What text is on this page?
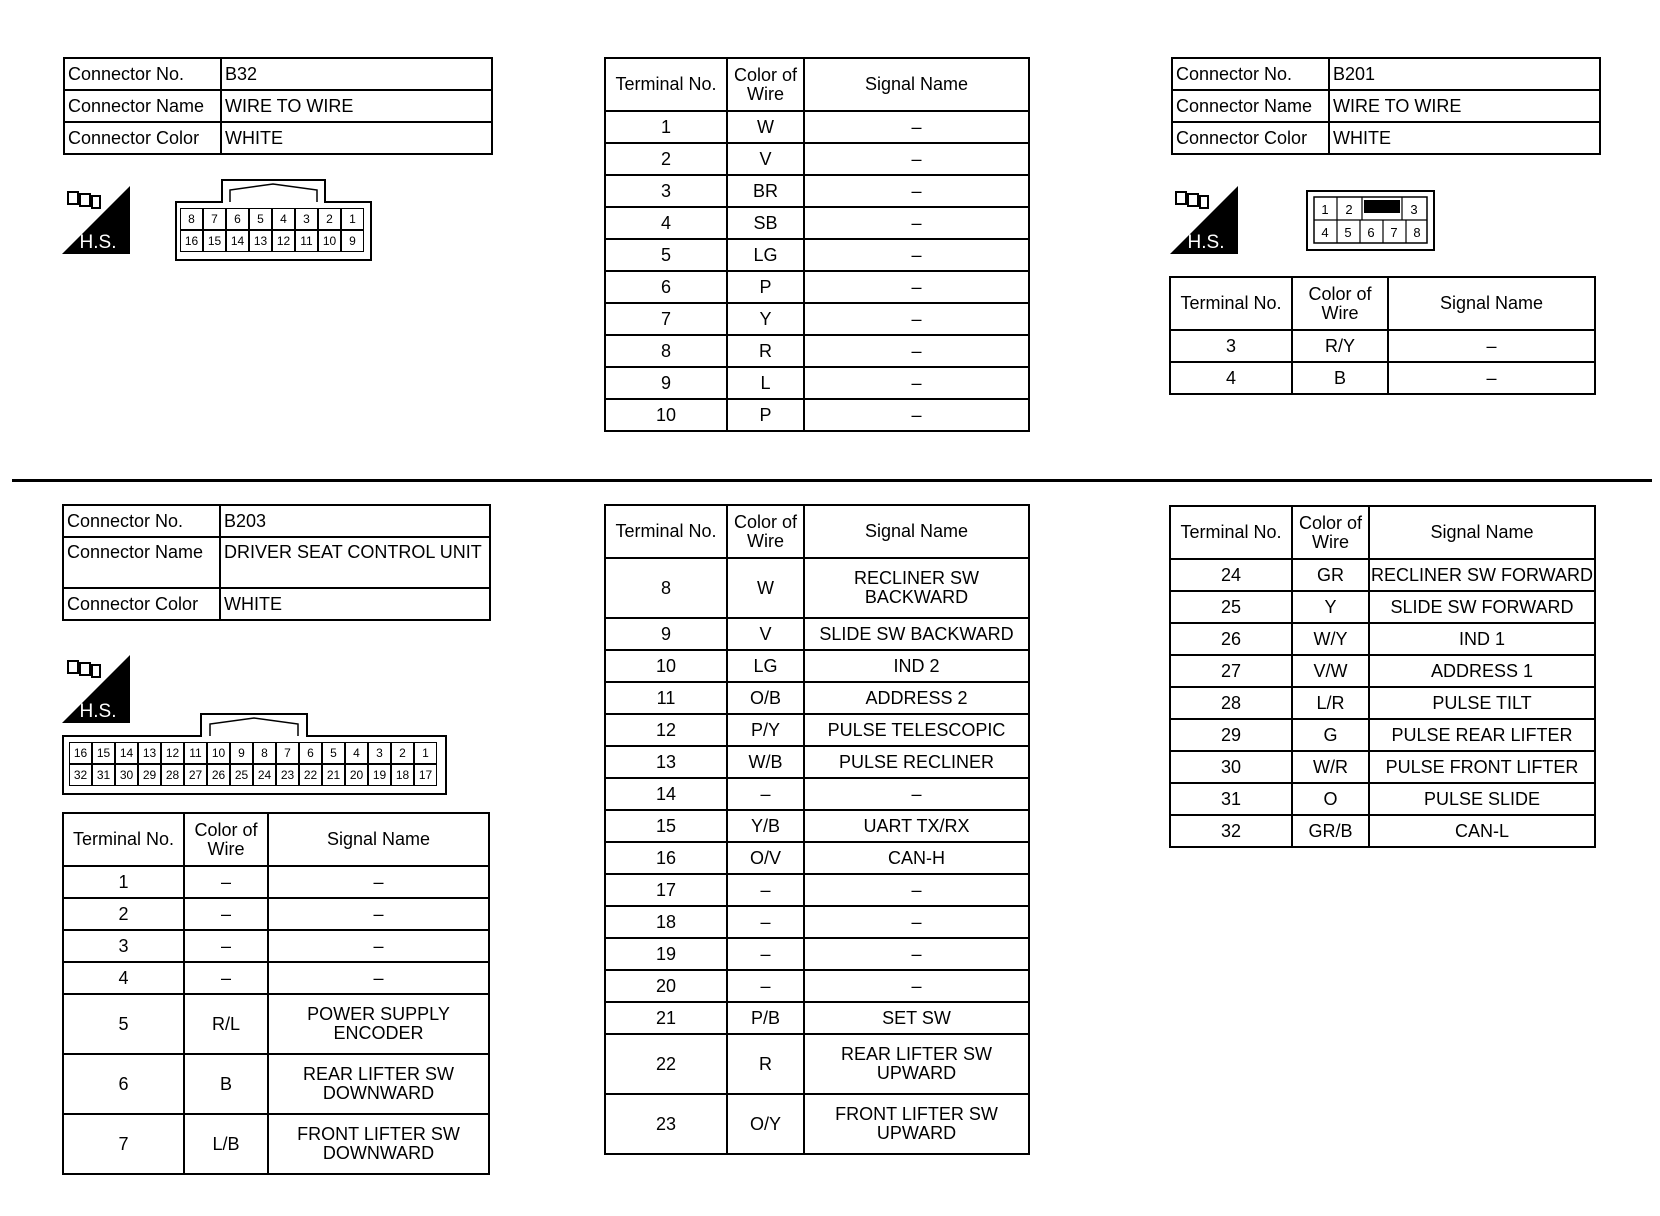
Connector No.	B32
Connector Name	WIRE TO WIRE
Connector Color	WHITE
H.S.
8	7	6	5	4	3	2	1
16 15 14 13 12 11 10	9
Terminal No.	Color of Wire	Signal Name
1	W	–
2	V	–
3	BR	–
4	SB	–
5	LG	–
6	P	–
7	Y	–
8	R	–
9	L	–
10	P	–
Connector No.	B201
Connector Name	WIRE TO WIRE
Connector Color	WHITE
H.S.
1 2	3
4 5 6 7 8
Terminal No.	Color of Wire	Signal Name
3	R/Y	–
4	B	–
Connector No.	B203
Connector Name	DRIVER SEAT CONTROL UNIT
Connector Color	WHITE
H.S.
16 15 14 13 12 11 10	9	8	7	6	5	4	3	2	1
32 31 30 29 28 27 26 25 24 23 22 21 20 19 18 17
Terminal No.	Color of Wire	Signal Name
1	–	–
2	–	–
3	–	–
4	–	–
5	R/L	POWER SUPPLY ENCODER
6	B	REAR LIFTER SW DOWNWARD
7	L/B	FRONT LIFTER SW DOWNWARD
Terminal No.	Color of Wire	Signal Name
8	W	RECLINER SW BACKWARD
9	V	SLIDE SW BACKWARD
10	LG	IND 2
11	O/B	ADDRESS 2
12	P/Y	PULSE TELESCOPIC
13	W/B	PULSE RECLINER
14	–	–
15	Y/B	UART TX/RX
16	O/V	CAN-H
17	–	–
18	–	–
19	–	–
20	–	–
21	P/B	SET SW
22	R	REAR LIFTER SW UPWARD
23	O/Y	FRONT LIFTER SW UPWARD
Terminal No.	Color of Wire	Signal Name
24	GR	RECLINER SW FORWARD
25	Y	SLIDE SW FORWARD
26	W/Y	IND 1
27	V/W	ADDRESS 1
28	L/R	PULSE TILT
29	G	PULSE REAR LIFTER
30	W/R	PULSE FRONT LIFTER
31	O	PULSE SLIDE
32	GR/B	CAN-L
